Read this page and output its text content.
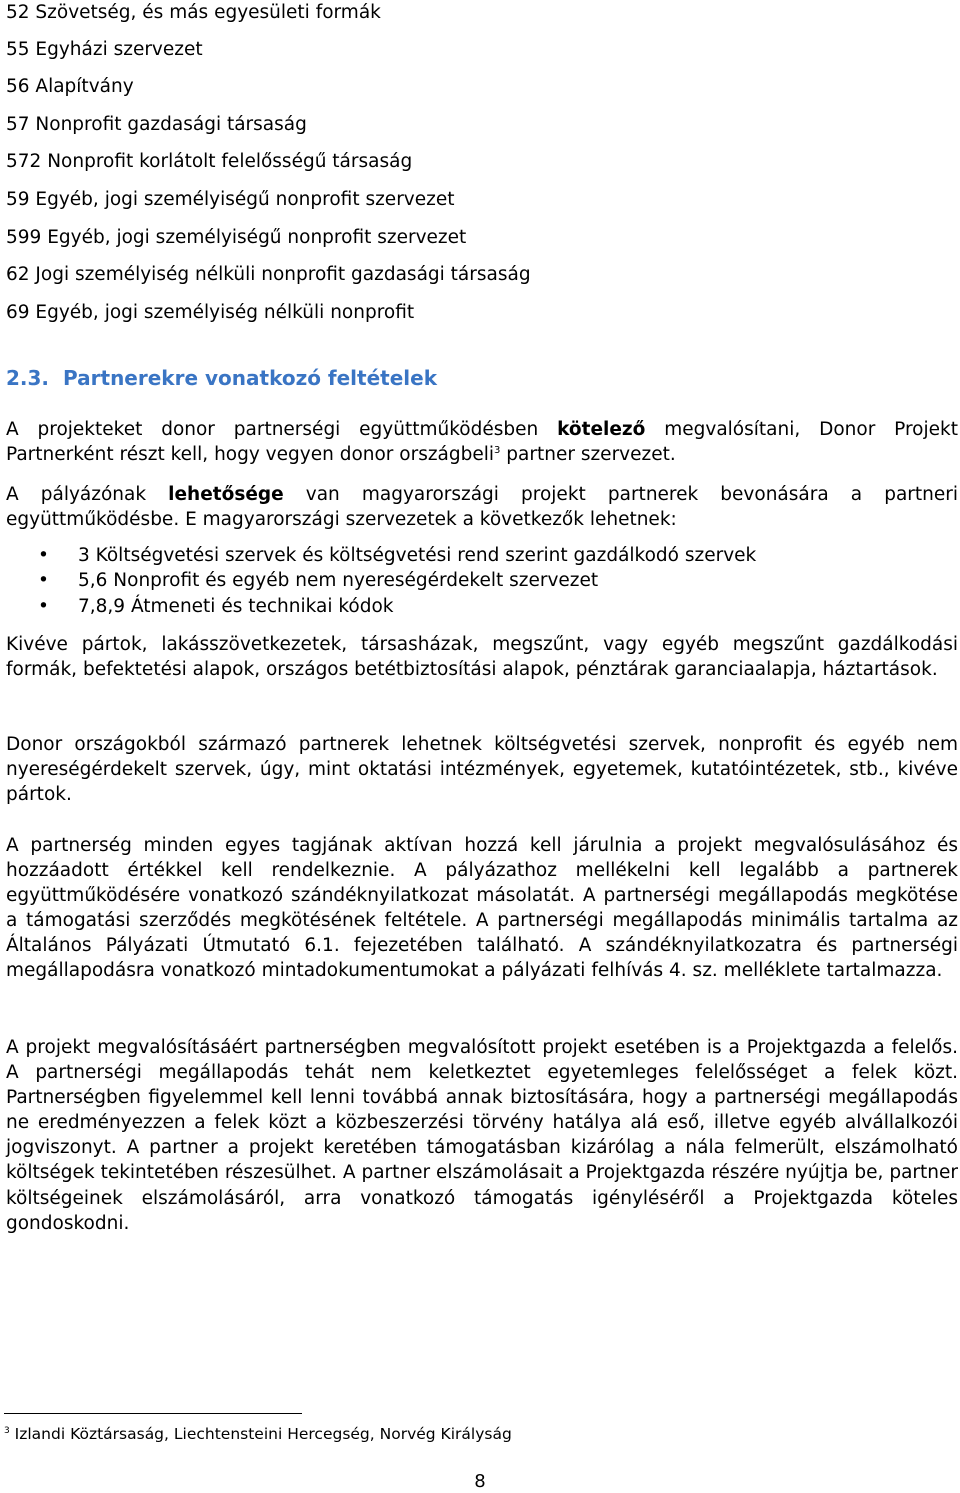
52 Szövetség, és más egyesületi formák
55 Egyházi szervezet
56 Alapítvány
57 Nonprofit gazdasági társaság
572 Nonprofit korlátolt felelősségű társaság
59 Egyéb, jogi személyiségű nonprofit szervezet
599 Egyéb, jogi személyiségű nonprofit szervezet
62 Jogi személyiség nélküli nonprofit gazdasági társaság
69 Egyéb, jogi személyiség nélküli nonprofit
2.3. Partnerekre vonatkozó feltételek

A projekteket donor partnerségi együttműködésben kötelező megvalósítani, Donor Projekt Partnerként részt kell, hogy vegyen donor országbeli$^3$ partner szervezet.

A pályázónak lehetősége van magyarországi projekt partnerek bevonására a partneri együttműködésbe. E magyarországi szervezetek a következők lehetnek:

• 3 Költségvetési szervek és költségvetési rend szerint gazdálkodó szervek
• 5,6 Nonprofit és egyéb nem nyereségérdekelt szervezet
• 7,8,9 Átmeneti és technikai kódok

Kivéve pártok, lakásszövetkezetek, társasházak, megszűnt, vagy egyéb megszűnt gazdálkodási formák, befektetési alapok, országos betétbiztosítási alapok, pénztárak garanciaalapja, háztartások.

Donor országokból származó partnerek lehetnek költségvetési szervek, nonprofit és egyéb nem nyereségérdekelt szervek, úgy, mint oktatási intézmények, egyetemek, kutatóintézetek, stb., kivéve pártok.

A partnerség minden egyes tagjának aktívan hozzá kell járulnia a projekt megvalósulásához és hozzáadott értékkel kell rendelkeznie. A pályázathoz mellékelni kell legalább a partnerek együttműködésére vonatkozó szándéknyilatkozat másolatát. A partnerségi megállapodás megkötése a támogatási szerződés megkötésének feltétele. A partnerségi megállapodás minimális tartalma az Általános Pályázati Útmutató 6.1. fejezetében található. A szándéknyilatkozatra és partnerségi megállapodásra vonatkozó mintadokumentumokat a pályázati felhívás 4. sz. melléklete tartalmazza.

A projekt megvalósításáért partnerségben megvalósított projekt esetében is a Projektgazda a felelős. A partnerségi megállapodás tehát nem keletkeztet egyetemleges felelősséget a felek közt. Partnerségben figyelemmel kell lenni továbbá annak biztosítására, hogy a partnerségi megállapodás ne eredményezzen a felek közt a közbeszerzési törvény hatálya alá eső, illetve egyéb alvállalkozói jogviszonyt. A partner a projekt keretében támogatásban kizárólag a nála felmerült, elszámolható költségek tekintetében részesülhet. A partner elszámolásait a Projektgazda részére nyújtja be, partner költségeinek elszámolásáról, arra vonatkozó támogatás igényléséről a Projektgazda köteles gondoskodni.

$^3$ Izlandi Köztársaság, Liechtensteini Hercegség, Norvég Királyság
8
